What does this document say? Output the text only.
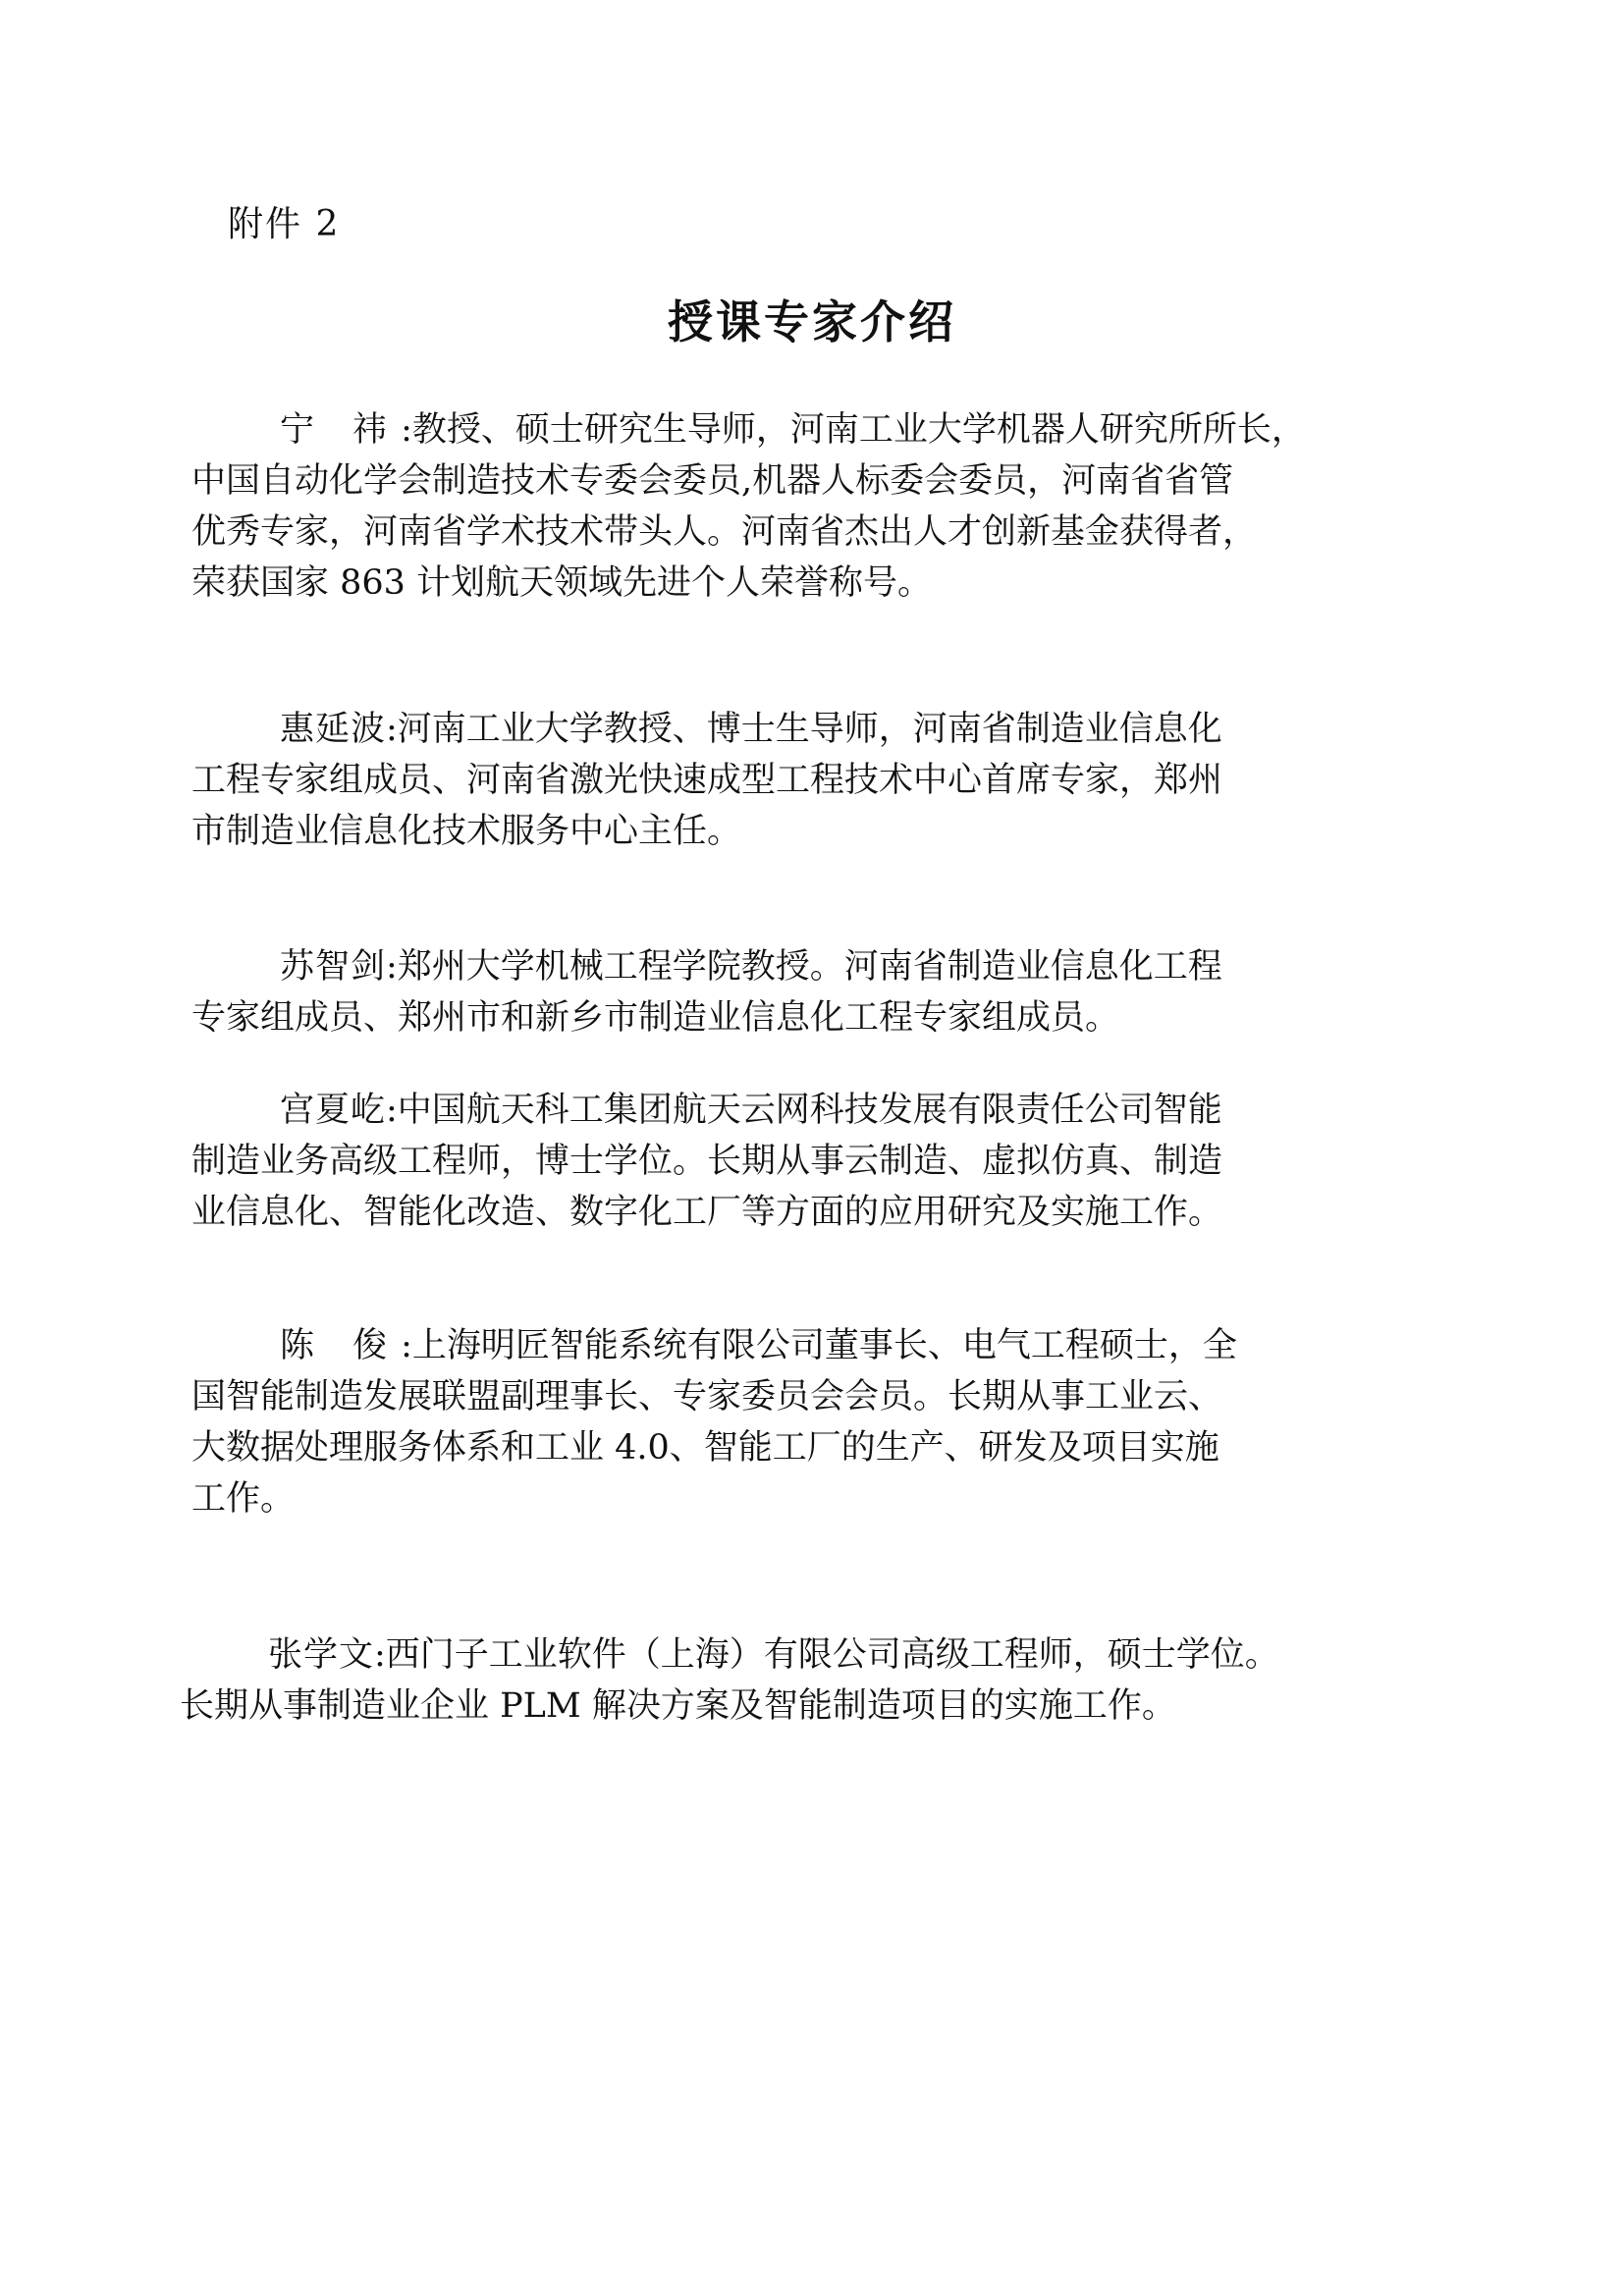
附件 2
授课专家介绍
宁 祎:教授、硕士研究生导师，河南工业大学机器人研究所所长，
中国自动化学会制造技术专委会委员,机器人标委会委员，河南省省管
优秀专家，河南省学术技术带头人。河南省杰出人才创新基金获得者，
荣获国家 863 计划航天领域先进个人荣誉称号。
惠延波:河南工业大学教授、博士生导师，河南省制造业信息化
工程专家组成员、河南省激光快速成型工程技术中心首席专家，郑州
市制造业信息化技术服务中心主任。
苏智剑:郑州大学机械工程学院教授。河南省制造业信息化工程
专家组成员、郑州市和新乡市制造业信息化工程专家组成员。
宫夏屹:中国航天科工集团航天云网科技发展有限责任公司智能
制造业务高级工程师，博士学位。长期从事云制造、虚拟仿真、制造
业信息化、智能化改造、数字化工厂等方面的应用研究及实施工作。
陈 俊:上海明匠智能系统有限公司董事长、电气工程硕士，全
国智能制造发展联盟副理事长、专家委员会会员。长期从事工业云、
大数据处理服务体系和工业 4.0、智能工厂的生产、研发及项目实施
工作。
张学文:西门子工业软件（上海）有限公司高级工程师，硕士学位。
长期从事制造业企业 PLM 解决方案及智能制造项目的实施工作。
